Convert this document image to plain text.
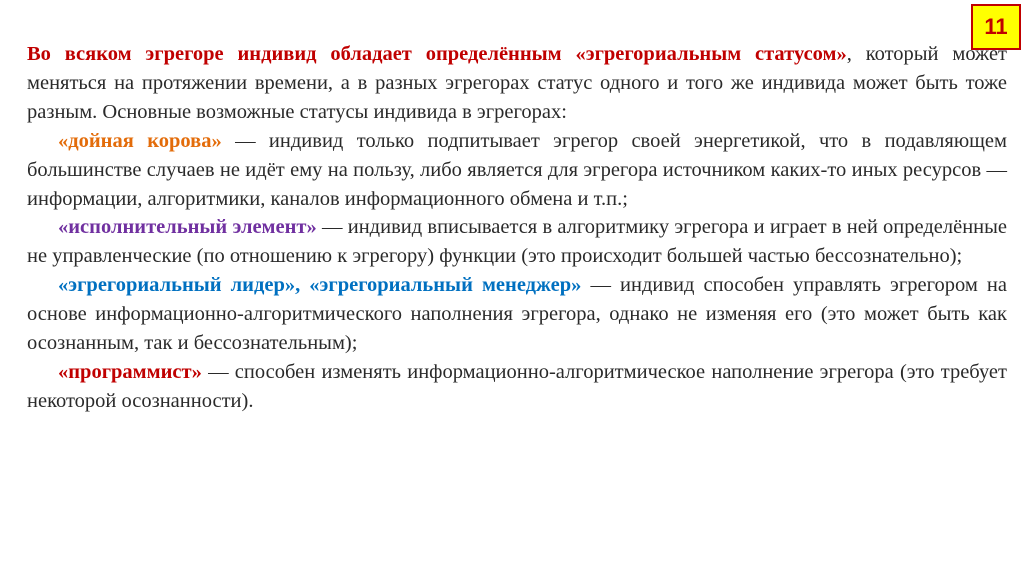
11

Во всяком эгрегоре индивид обладает определённым «эгрегориальным статусом», который может меняться на протяжении времени, а в разных эгрегорах статус одного и того же индивида может быть тоже разным. Основные возможные статусы индивида в эгрегорах:

«дойная корова» — индивид только подпитывает эгрегор своей энергетикой, что в подавляющем большинстве случаев не идёт ему на пользу, либо является для эгрегора источником каких-то иных ресурсов — информации, алгоритмики, каналов информационного обмена и т.п.;

«исполнительный элемент» — индивид вписывается в алгоритмику эгрегора и играет в ней определённые не управленческие (по отношению к эгрегору) функции (это происходит большей частью бессознательно);

«эгрегориальный лидер», «эгрегориальный менеджер» — индивид способен управлять эгрегором на основе информационно-алгоритмического наполнения эгрегора, однако не изменяя его (это может быть как осознанным, так и бессознательным);

«программист» — способен изменять информационно-алгоритмическое наполнение эгрегора (это требует некоторой осознанности).
